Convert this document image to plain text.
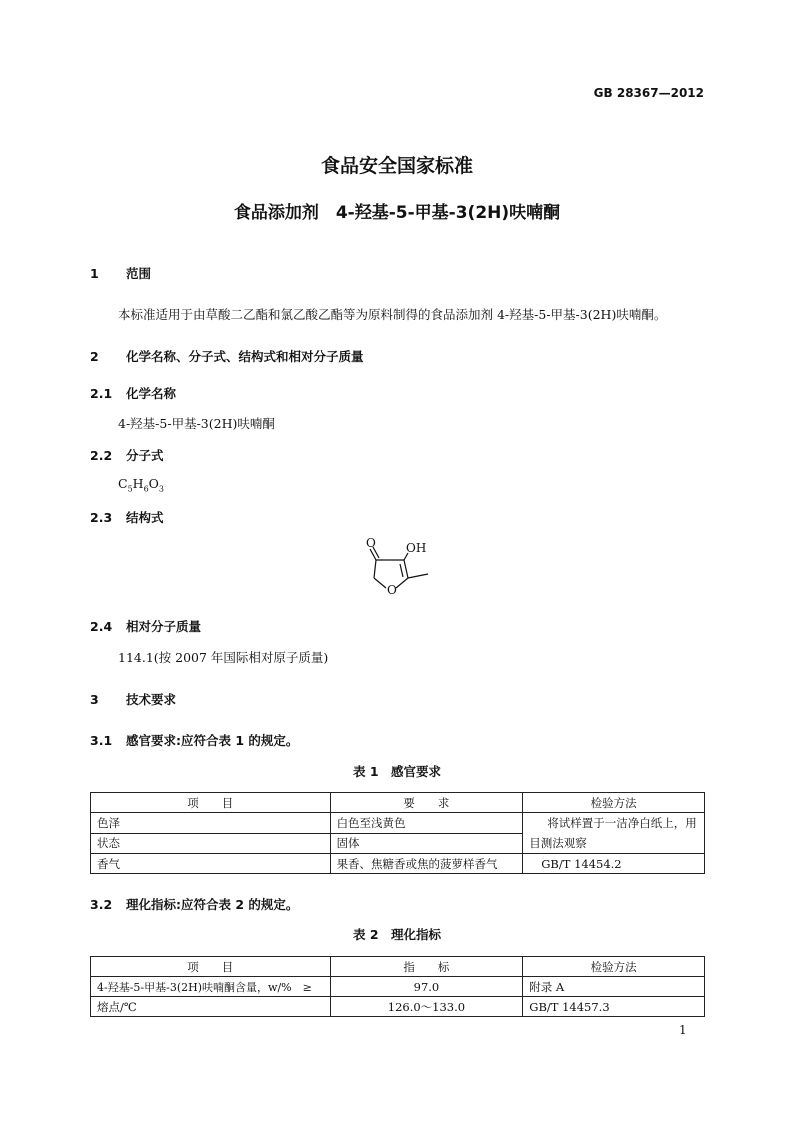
GB 28367—2012
食品安全国家标准
食品添加剂　4-羟基-5-甲基-3(2H)呋喃酮
1 范围
本标准适用于由草酸二乙酯和氯乙酸乙酯等为原料制得的食品添加剂 4-羟基-5-甲基-3(2H)呋喃酮。
2 化学名称、分子式、结构式和相对分子质量
2.1 化学名称
4-羟基-5-甲基-3(2H)呋喃酮
2.2 分子式
$C_5H_6O_3$
2.3 结构式
O	OH
O
2.4 相对分子质量
114.1(按 2007 年国际相对原子质量)
3 技术要求
3.1 感官要求:应符合表 1 的规定。
表 1　感官要求
项　　目	要　　求	检验方法
色泽	白色至浅黄色	将试样置于一洁净白纸上，用目测法观察
状态	固体	
香气	果香、焦糖香或焦的菠萝样香气	GB/T 14454.2
3.2 理化指标:应符合表 2 的规定。
表 2　理化指标
项　　目	指　　标	检验方法
4-羟基-5-甲基-3(2H)呋喃酮含量，w/%　≥	97.0	附录 A
熔点/℃	126.0～133.0	GB/T 14457.3
1
